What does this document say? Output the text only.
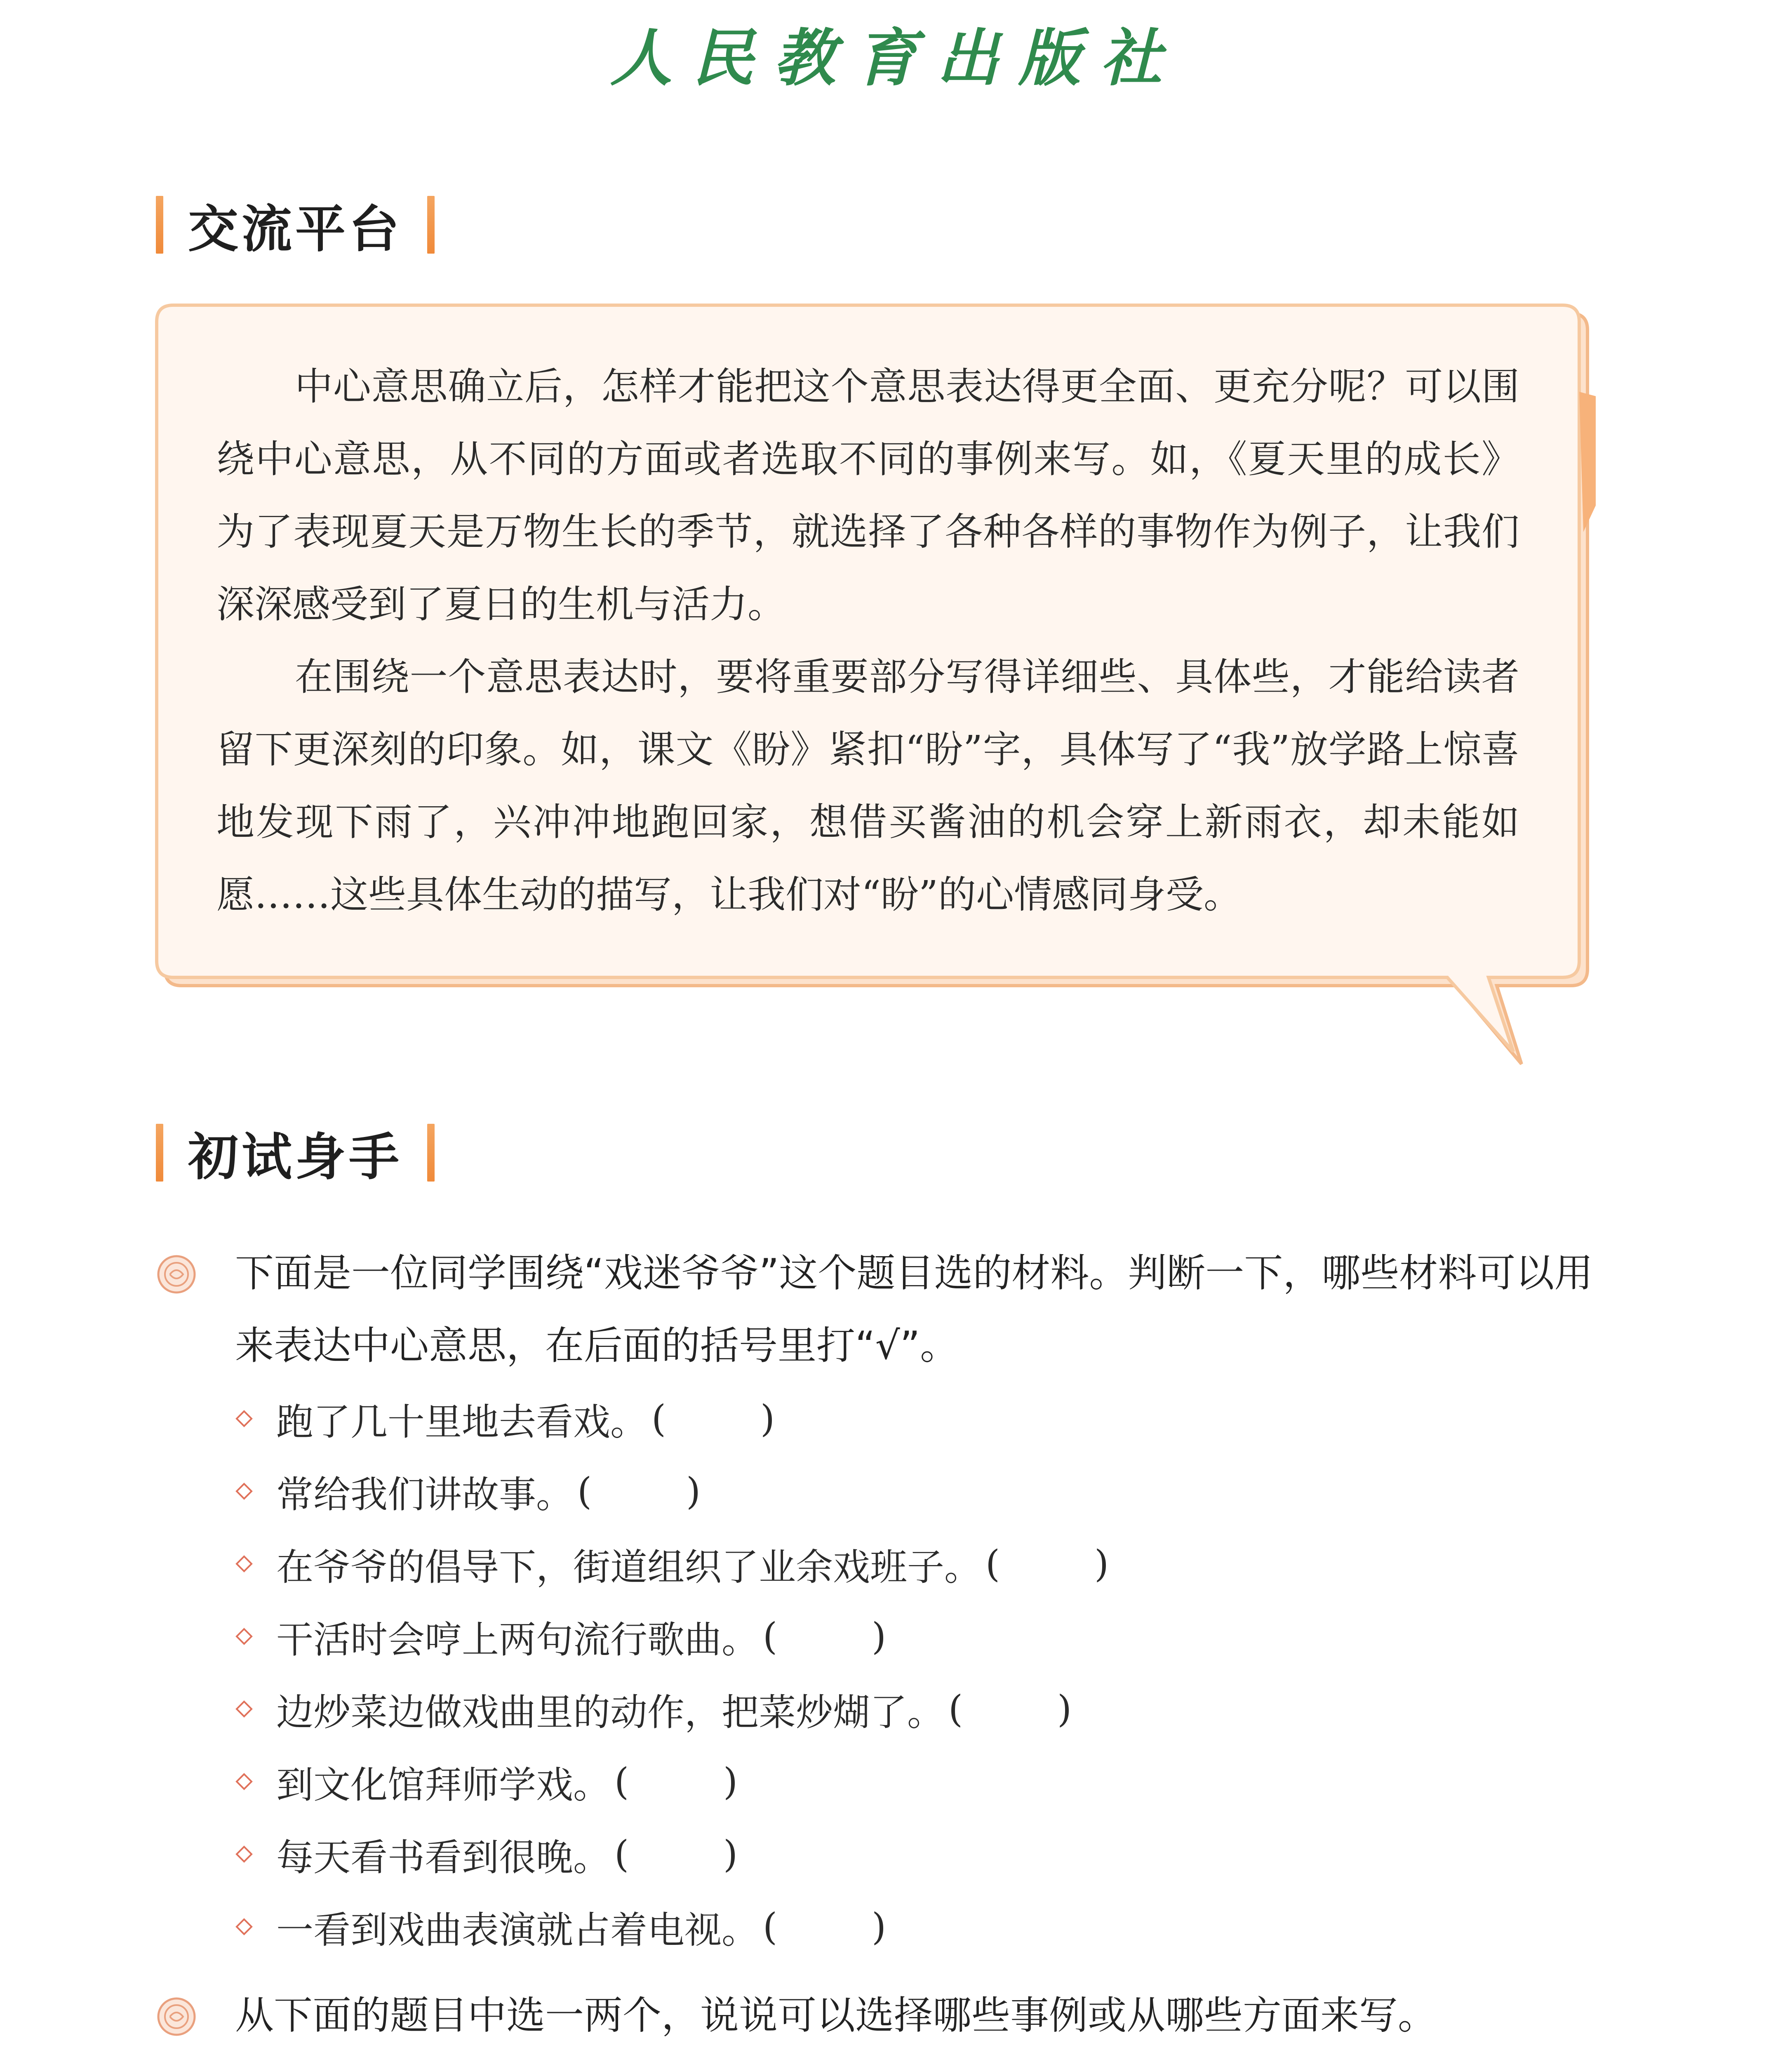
人民教育出版社
交流平台

中心意思确立后，怎样才能把这个意思表达得更全面、更充分呢？可以围绕中心意思，从不同的方面或者选取不同的事例来写。如，《夏天里的成长》为了表现夏天是万物生长的季节，就选择了各种各样的事物作为例子，让我们深深感受到了夏日的生机与活力。

在围绕一个意思表达时，要将重要部分写得详细些、具体些，才能给读者留下更深刻的印象。如，课文《盼》紧扣“盼”字，具体写了“我”放学路上惊喜地发现下雨了，兴冲冲地跑回家，想借买酱油的机会穿上新雨衣，却未能如愿……这些具体生动的描写，让我们对“盼”的心情感同身受。

初试身手
下面是一位同学围绕“戏迷爷爷”这个题目选的材料。判断一下，哪些材料可以用来表达中心意思，在后面的括号里打“√”。
跑了几十里地去看戏。 (        )
常给我们讲故事。 (        )
在爷爷的倡导下，街道组织了业余戏班子。 (        )
干活时会哼上两句流行歌曲。 (        )
边炒菜边做戏曲里的动作，把菜炒煳了。 (        )
到文化馆拜师学戏。 (        )
每天看书看到很晚。 (        )
一看到戏曲表演就占着电视。 (        )
从下面的题目中选一两个，说说可以选择哪些事例或从哪些方面来写。
